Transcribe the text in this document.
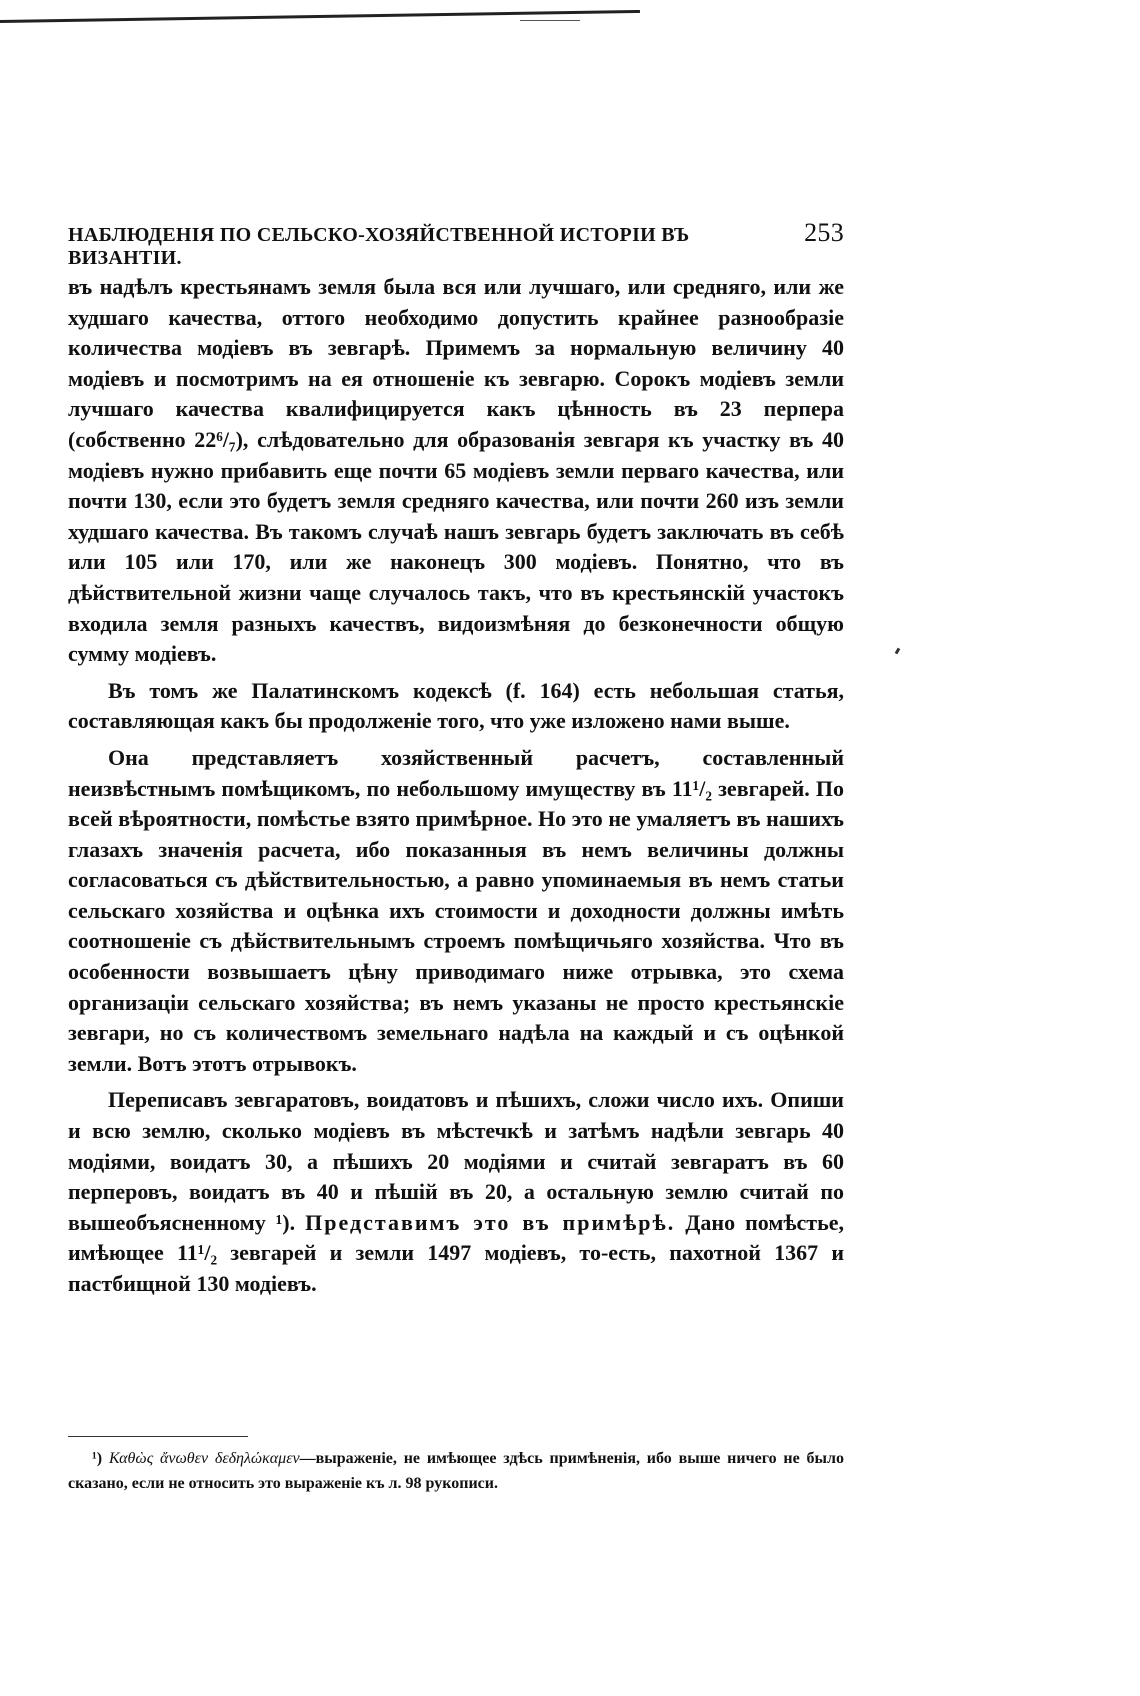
НАБЛЮДЕНІЯ ПО СЕЛЬСКО-ХОЗЯЙСТВЕННОЙ ИСТОРІИ ВЪ ВИЗАНТІИ.
253

въ надѣлъ крестьянамъ земля была вся или лучшаго, или средняго, или же худшаго качества, оттого необходимо допустить крайнее разнообразіе количества модіевъ въ зевгарѣ. Примемъ за нормальную величину 40 модіевъ и посмотримъ на ея отношеніе къ зевгарю. Сорокъ модіевъ земли лучшаго качества квалифицируется какъ цѣнность въ 23 перпера (собственно 22⁶/₇), слѣдовательно для образованія зевгаря къ участку въ 40 модіевъ нужно прибавить еще почти 65 модіевъ земли перваго качества, или почти 130, если это будетъ земля средняго качества, или почти 260 изъ земли худшаго качества. Въ такомъ случаѣ нашъ зевгарь будетъ заключать въ себѣ или 105 или 170, или же наконецъ 300 модіевъ. Понятно, что въ дѣйствительной жизни чаще случалось такъ, что въ крестьянскій участокъ входила земля разныхъ качествъ, видоизмѣняя до безконечности общую сумму модіевъ.

Въ томъ же Палатинскомъ кодексѣ (f. 164) есть небольшая статья, составляющая какъ бы продолженіе того, что уже изложено нами выше.

Она представляетъ хозяйственный расчетъ, составленный неизвѣстнымъ помѣщикомъ, по небольшому имуществу въ 11¹/₂ зевгарей. По всей вѣроятности, помѣстье взято примѣрное. Но это не умаляетъ въ нашихъ глазахъ значенія расчета, ибо показанныя въ немъ величины должны согласоваться съ дѣйствительностью, а равно упоминаемыя въ немъ статьи сельскаго хозяйства и оцѣнка ихъ стоимости и доходности должны имѣть соотношеніе съ дѣйствительнымъ строемъ помѣщичьяго хозяйства. Что въ особенности возвышаетъ цѣну приводимаго ниже отрывка, это схема организаціи сельскаго хозяйства; въ немъ указаны не просто крестьянскіе зевгари, но съ количествомъ земельнаго надѣла на каждый и съ оцѣнкой земли. Вотъ этотъ отрывокъ.

Переписавъ зевгаратовъ, воидатовъ и пѣшихъ, сложи число ихъ. Опиши и всю землю, сколько модіевъ въ мѣстечкѣ и затѣмъ надѣли зевгарь 40 модіями, воидатъ 30, а пѣшихъ 20 модіями и считай зевгаратъ въ 60 перперовъ, воидатъ въ 40 и пѣшій въ 20, а остальную землю считай по вышеобъясненному ¹). Представимъ это въ примѣрѣ. Дано помѣстье, имѣющее 11¹/₂ зевгарей и земли 1497 модіевъ, то-есть, пахотной 1367 и пастбищной 130 модіевъ.

¹) Καθὼς ἄνωθεν δεδηλώκαμεν—выраженіе, не имѣющее здѣсь примѣненія, ибо выше ничего не было сказано, если не относить это выраженіе къ л. 98 рукописи.
